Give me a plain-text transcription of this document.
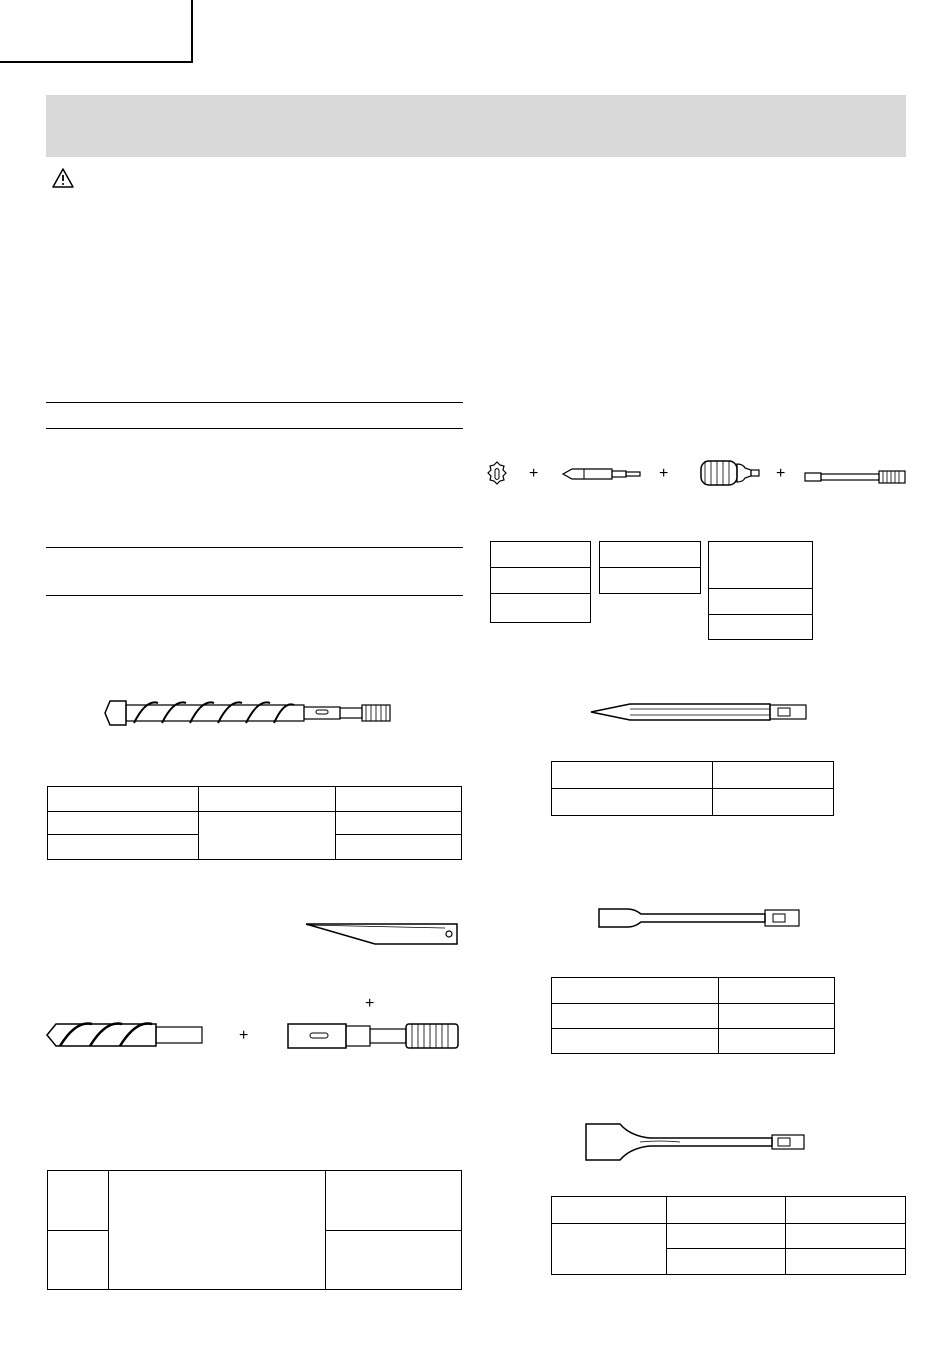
+	+	+

+
+
